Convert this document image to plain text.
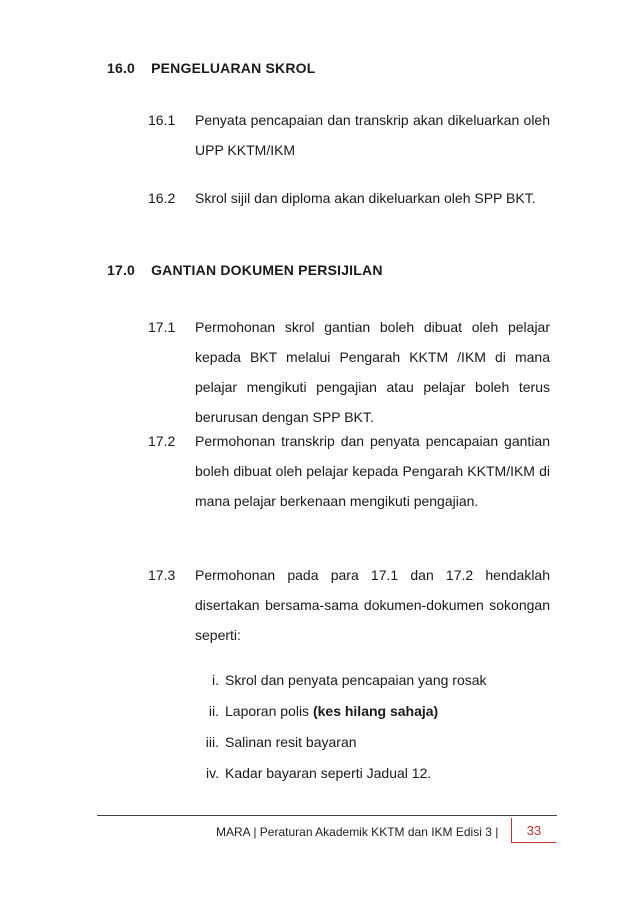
16.0 PENGELUARAN SKROL
16.1 Penyata pencapaian dan transkrip akan dikeluarkan oleh UPP KKTM/IKM
16.2 Skrol sijil dan diploma akan dikeluarkan oleh SPP BKT.
17.0 GANTIAN DOKUMEN PERSIJILAN
17.1 Permohonan skrol gantian boleh dibuat oleh pelajar kepada BKT melalui Pengarah KKTM /IKM di mana pelajar mengikuti pengajian atau pelajar boleh terus berurusan dengan SPP BKT.
17.2 Permohonan transkrip dan penyata pencapaian gantian boleh dibuat oleh pelajar kepada Pengarah KKTM/IKM di mana pelajar berkenaan mengikuti pengajian.
17.3 Permohonan pada para 17.1 dan 17.2 hendaklah disertakan bersama-sama dokumen-dokumen sokongan seperti:
i. Skrol dan penyata pencapaian yang rosak
ii. Laporan polis (kes hilang sahaja)
iii. Salinan resit bayaran
iv. Kadar bayaran seperti Jadual 12.
MARA | Peraturan Akademik KKTM dan IKM Edisi 3 |	33
